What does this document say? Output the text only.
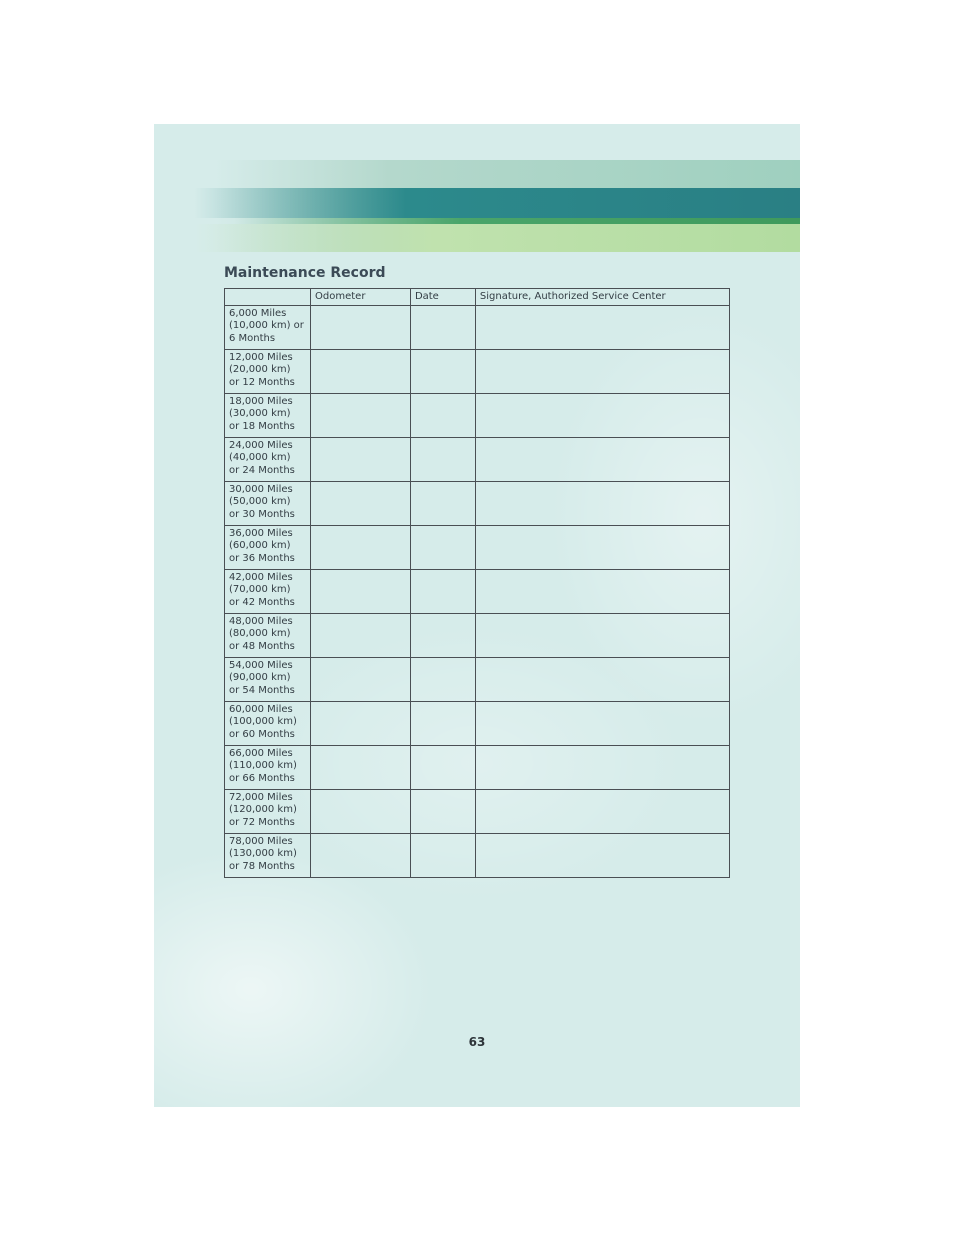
MAINTAINING YOUR VEHICLE
Maintenance Record
	Odometer	Date	Signature, Authorized Service Center
6,000 Miles
(10,000 km) or
6 Months			
12,000 Miles
(20,000 km)
or 12 Months			
18,000 Miles
(30,000 km)
or 18 Months			
24,000 Miles
(40,000 km)
or 24 Months			
30,000 Miles
(50,000 km)
or 30 Months			
36,000 Miles
(60,000 km)
or 36 Months			
42,000 Miles
(70,000 km)
or 42 Months			
48,000 Miles
(80,000 km)
or 48 Months			
54,000 Miles
(90,000 km)
or 54 Months			
60,000 Miles
(100,000 km)
or 60 Months			
66,000 Miles
(110,000 km)
or 66 Months			
72,000 Miles
(120,000 km)
or 72 Months			
78,000 Miles
(130,000 km)
or 78 Months			
63
